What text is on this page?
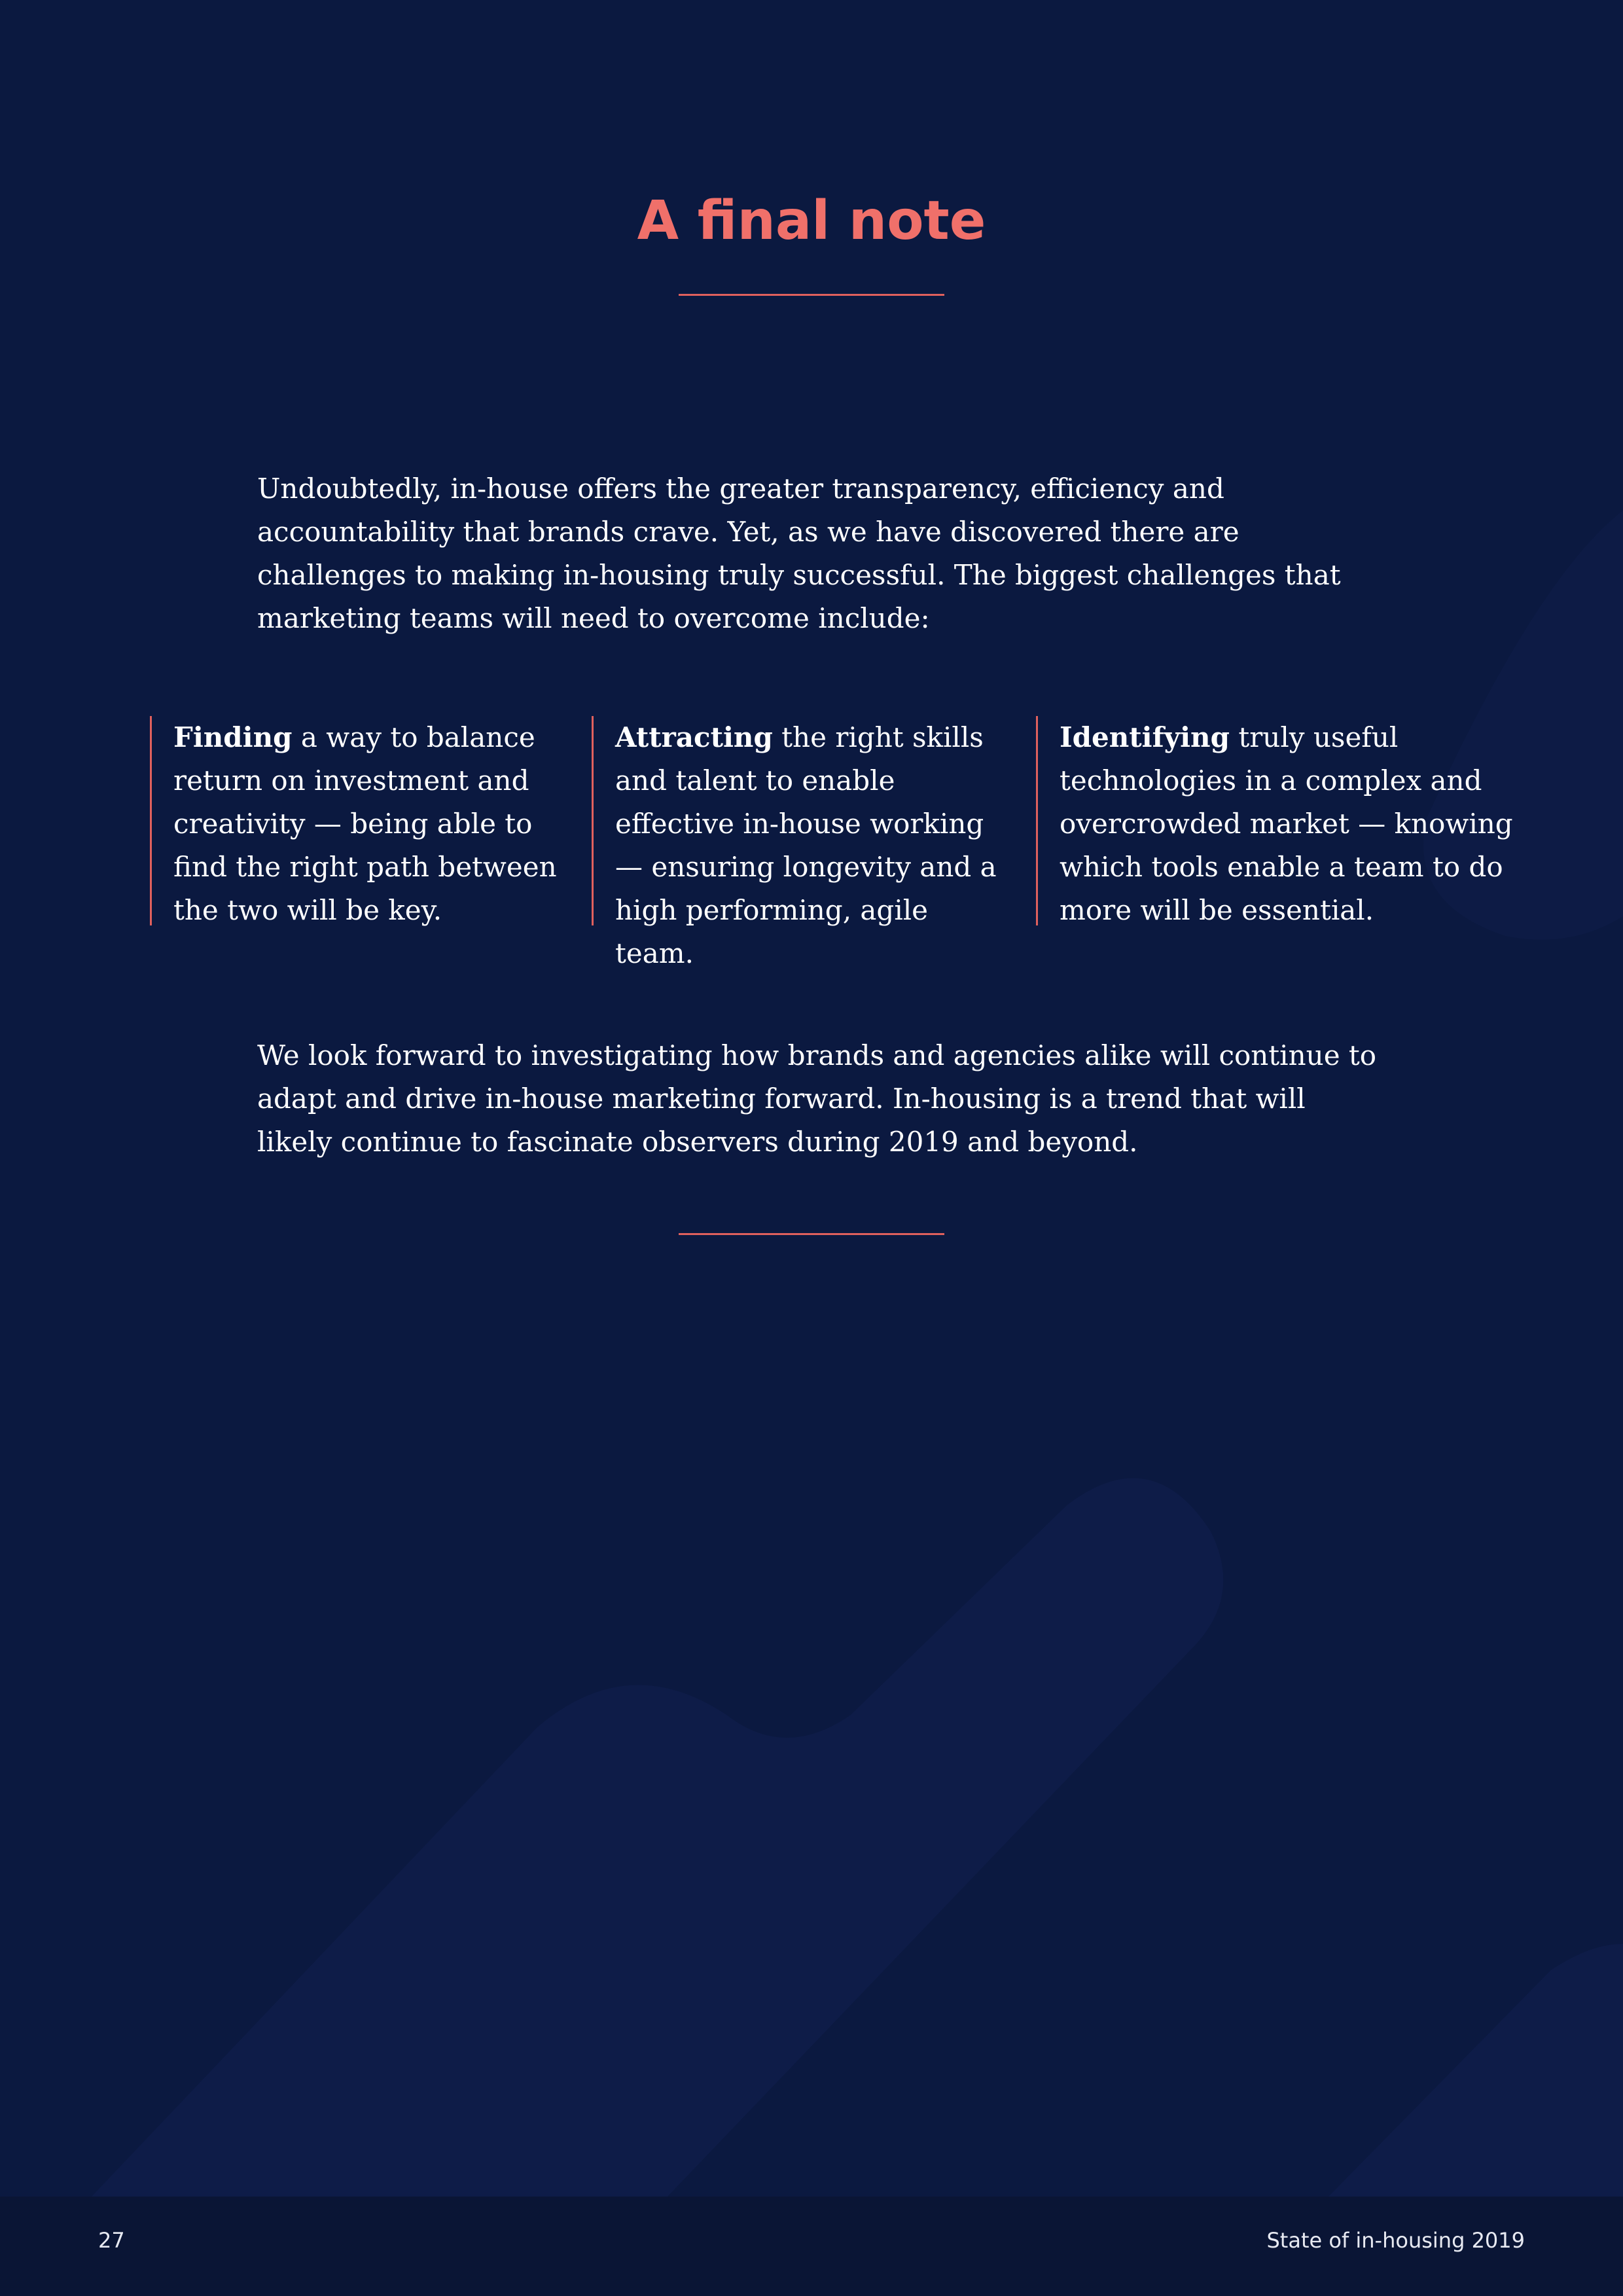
A final note

Undoubtedly, in-house offers the greater transparency, efficiency and accountability that brands crave. Yet, as we have discovered there are challenges to making in-housing truly successful. The biggest challenges that marketing teams will need to overcome include:

Finding a way to balance return on investment and creativity — being able to find the right path between the two will be key.

Attracting the right skills and talent to enable effective in-house working — ensuring longevity and a high performing, agile team.

Identifying truly useful technologies in a complex and overcrowded market — knowing which tools enable a team to do more will be essential.

We look forward to investigating how brands and agencies alike will continue to adapt and drive in-house marketing forward. In-housing is a trend that will likely continue to fascinate observers during 2019 and beyond.

27	State of in-housing 2019
